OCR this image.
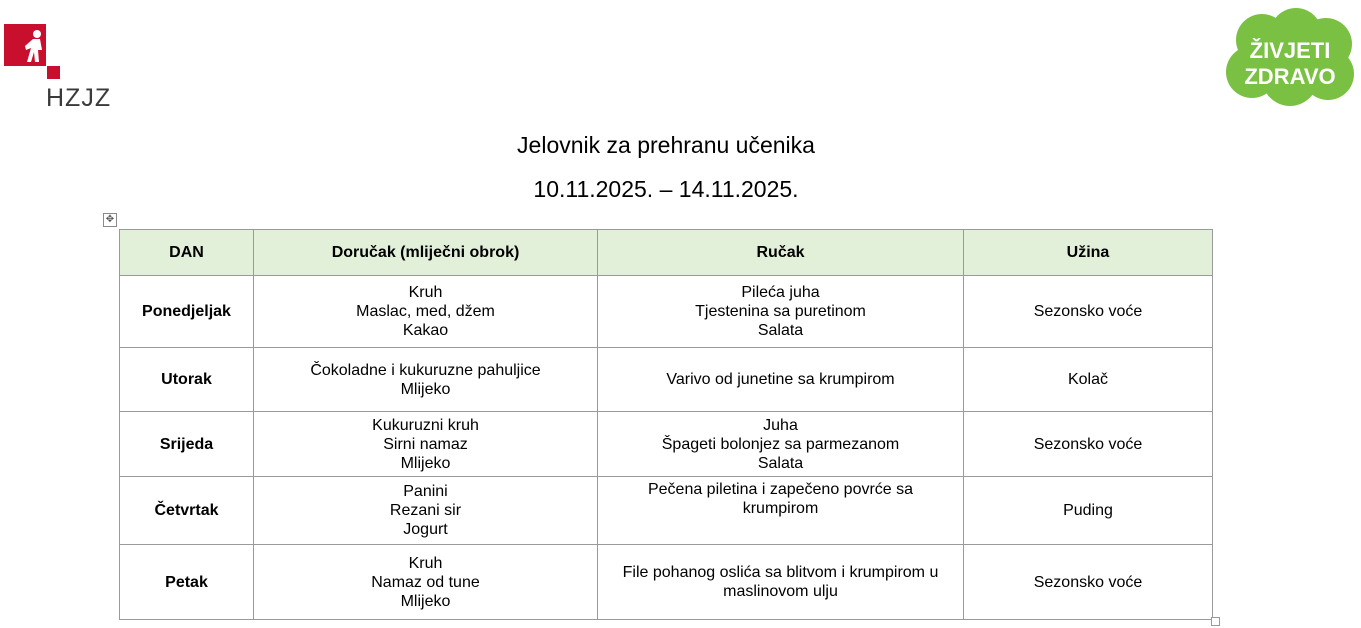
HZJZ
ŽIVJETI
ZDRAVO
Jelovnik za prehranu učenika
10.11.2025. – 14.11.2025.
✥
DAN	Doručak (mliječni obrok)	Ručak	Užina
Ponedjeljak	Kruh
Maslac, med, džem
Kakao	Pileća juha
Tjestenina sa puretinom
Salata	Sezonsko voće
Utorak	Čokoladne i kukuruzne pahuljice
Mlijeko	Varivo od junetine sa krumpirom	Kolač
Srijeda	Kukuruzni kruh
Sirni namaz
Mlijeko	Juha
Špageti bolonjez sa parmezanom
Salata	Sezonsko voće
Četvrtak	Panini
Rezani sir
Jogurt	Pečena piletina i zapečeno povrće sa
krumpirom	Puding
Petak	Kruh
Namaz od tune
Mlijeko	File pohanog oslića sa blitvom i krumpirom u
maslinovom ulju	Sezonsko voće
